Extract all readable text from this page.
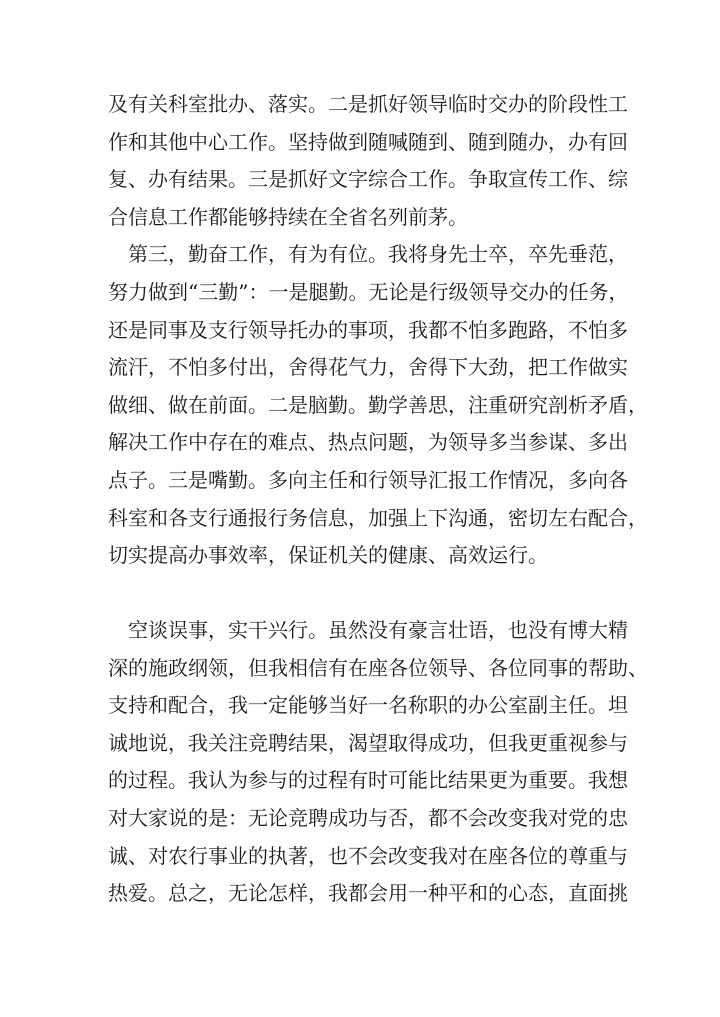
及有关科室批办、落实。二是抓好领导临时交办的阶段性工
作和其他中心工作。坚持做到随喊随到、随到随办，办有回
复、办有结果。三是抓好文字综合工作。争取宣传工作、综
合信息工作都能够持续在全省名列前茅。
　第三，勤奋工作，有为有位。我将身先士卒，卒先垂范，
努力做到“三勤”：一是腿勤。无论是行级领导交办的任务，
还是同事及支行领导托办的事项，我都不怕多跑路，不怕多
流汗，不怕多付出，舍得花气力，舍得下大劲，把工作做实
做细、做在前面。二是脑勤。勤学善思，注重研究剖析矛盾，
解决工作中存在的难点、热点问题，为领导多当参谋、多出
点子。三是嘴勤。多向主任和行领导汇报工作情况，多向各
科室和各支行通报行务信息，加强上下沟通，密切左右配合，
切实提高办事效率，保证机关的健康、高效运行。
　空谈误事，实干兴行。虽然没有豪言壮语，也没有博大精
深的施政纲领，但我相信有在座各位领导、各位同事的帮助、
支持和配合，我一定能够当好一名称职的办公室副主任。坦
诚地说，我关注竞聘结果，渴望取得成功，但我更重视参与
的过程。我认为参与的过程有时可能比结果更为重要。我想
对大家说的是：无论竞聘成功与否，都不会改变我对党的忠
诚、对农行事业的执著，也不会改变我对在座各位的尊重与
热爱。总之，无论怎样，我都会用一种平和的心态，直面挑
